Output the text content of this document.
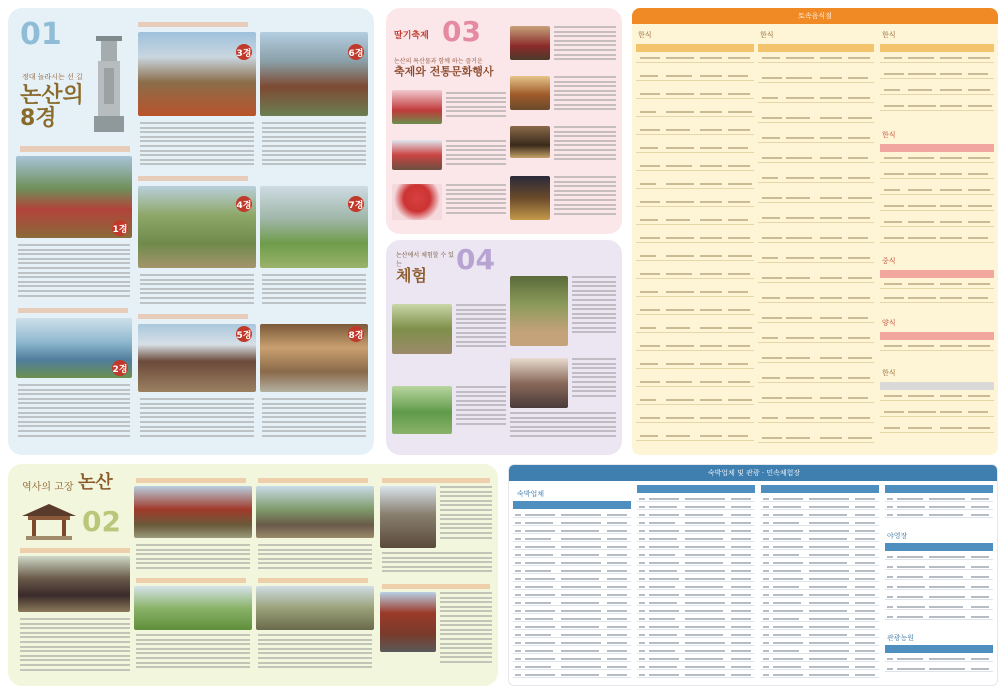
01
정대 놀라시는 선 길
논산의 8경
1경
2경
3경
4경
5경
6경
7경
8경
딸기축제 03
논산의 특산물과 함께 하는 즐거운
축제와 전통문화행사
논산에서 체험할 수 있는
체험 04
토속음식점
한식	한식	한식
한식
중식
양식
한식
역사의 고장 논산
02
숙박업체 및 관광 · 민속체험장
숙박업체
야영장
관광농원
